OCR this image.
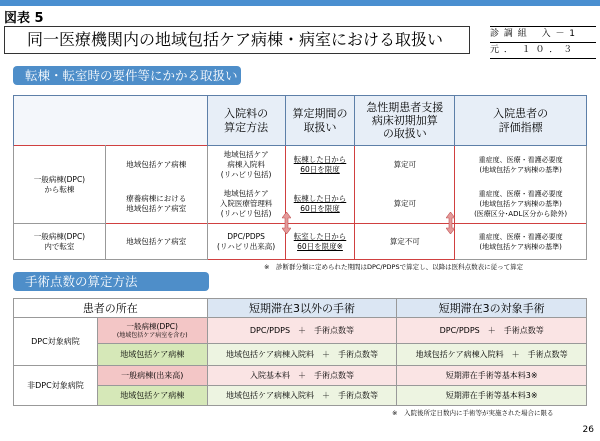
図表 5
同一医療機関内の地域包括ケア病棟・病室における取扱い	診 調 組　 入 － 1
元 ．  １ ０ ． ３
転棟・転室時の要件等にかかる取扱い
		入院料の
算定方法	算定期間の
取扱い	急性期患者支援
病床初期加算
の取扱い	入院患者の
評価指標
一般病棟(DPC)
から転棟	地域包括ケア病棟	地域包括ケア
病棟入院料
(リハビリ包括)	転棟した日から
60日を限度	算定可	重症度、医療・看護必要度
(地域包括ケア病棟の基準)
	療養病棟における
地域包括ケア病室	地域包括ケア
入院医療管理料
(リハビリ包括)	転棟した日から
60日を限度	算定可	重症度、医療・看護必要度
(地域包括ケア病棟の基準)
(医療区分･ADL区分から除外)
一般病棟(DPC)
内で転室	地域包括ケア病室	DPC/PDPS
(リハビリ出来高)	転室した日から
60日を限度※	算定不可	重症度、医療・看護必要度
(地域包括ケア病棟の基準)
※　診断群分類に定められた期間はDPC/PDPSで算定し、以降は医科点数表に従って算定
手術点数の算定方法
患者の所在		短期滞在3以外の手術	短期滞在3の対象手術
DPC対象病院	一般病棟(DPC)
(地域包括ケア病室を含む)	DPC/PDPS　＋　手術点数等	DPC/PDPS　＋　手術点数等
	地域包括ケア病棟	地域包括ケア病棟入院料　＋　手術点数等	地域包括ケア病棟入院料　＋　手術点数等
非DPC対象病院	一般病棟(出来高)	入院基本料　＋　手術点数等	短期滞在手術等基本料3※
	地域包括ケア病棟	地域包括ケア病棟入院料　＋　手術点数等	短期滞在手術等基本料3※
※　入院後所定日数内に手術等が実施された場合に限る
26
